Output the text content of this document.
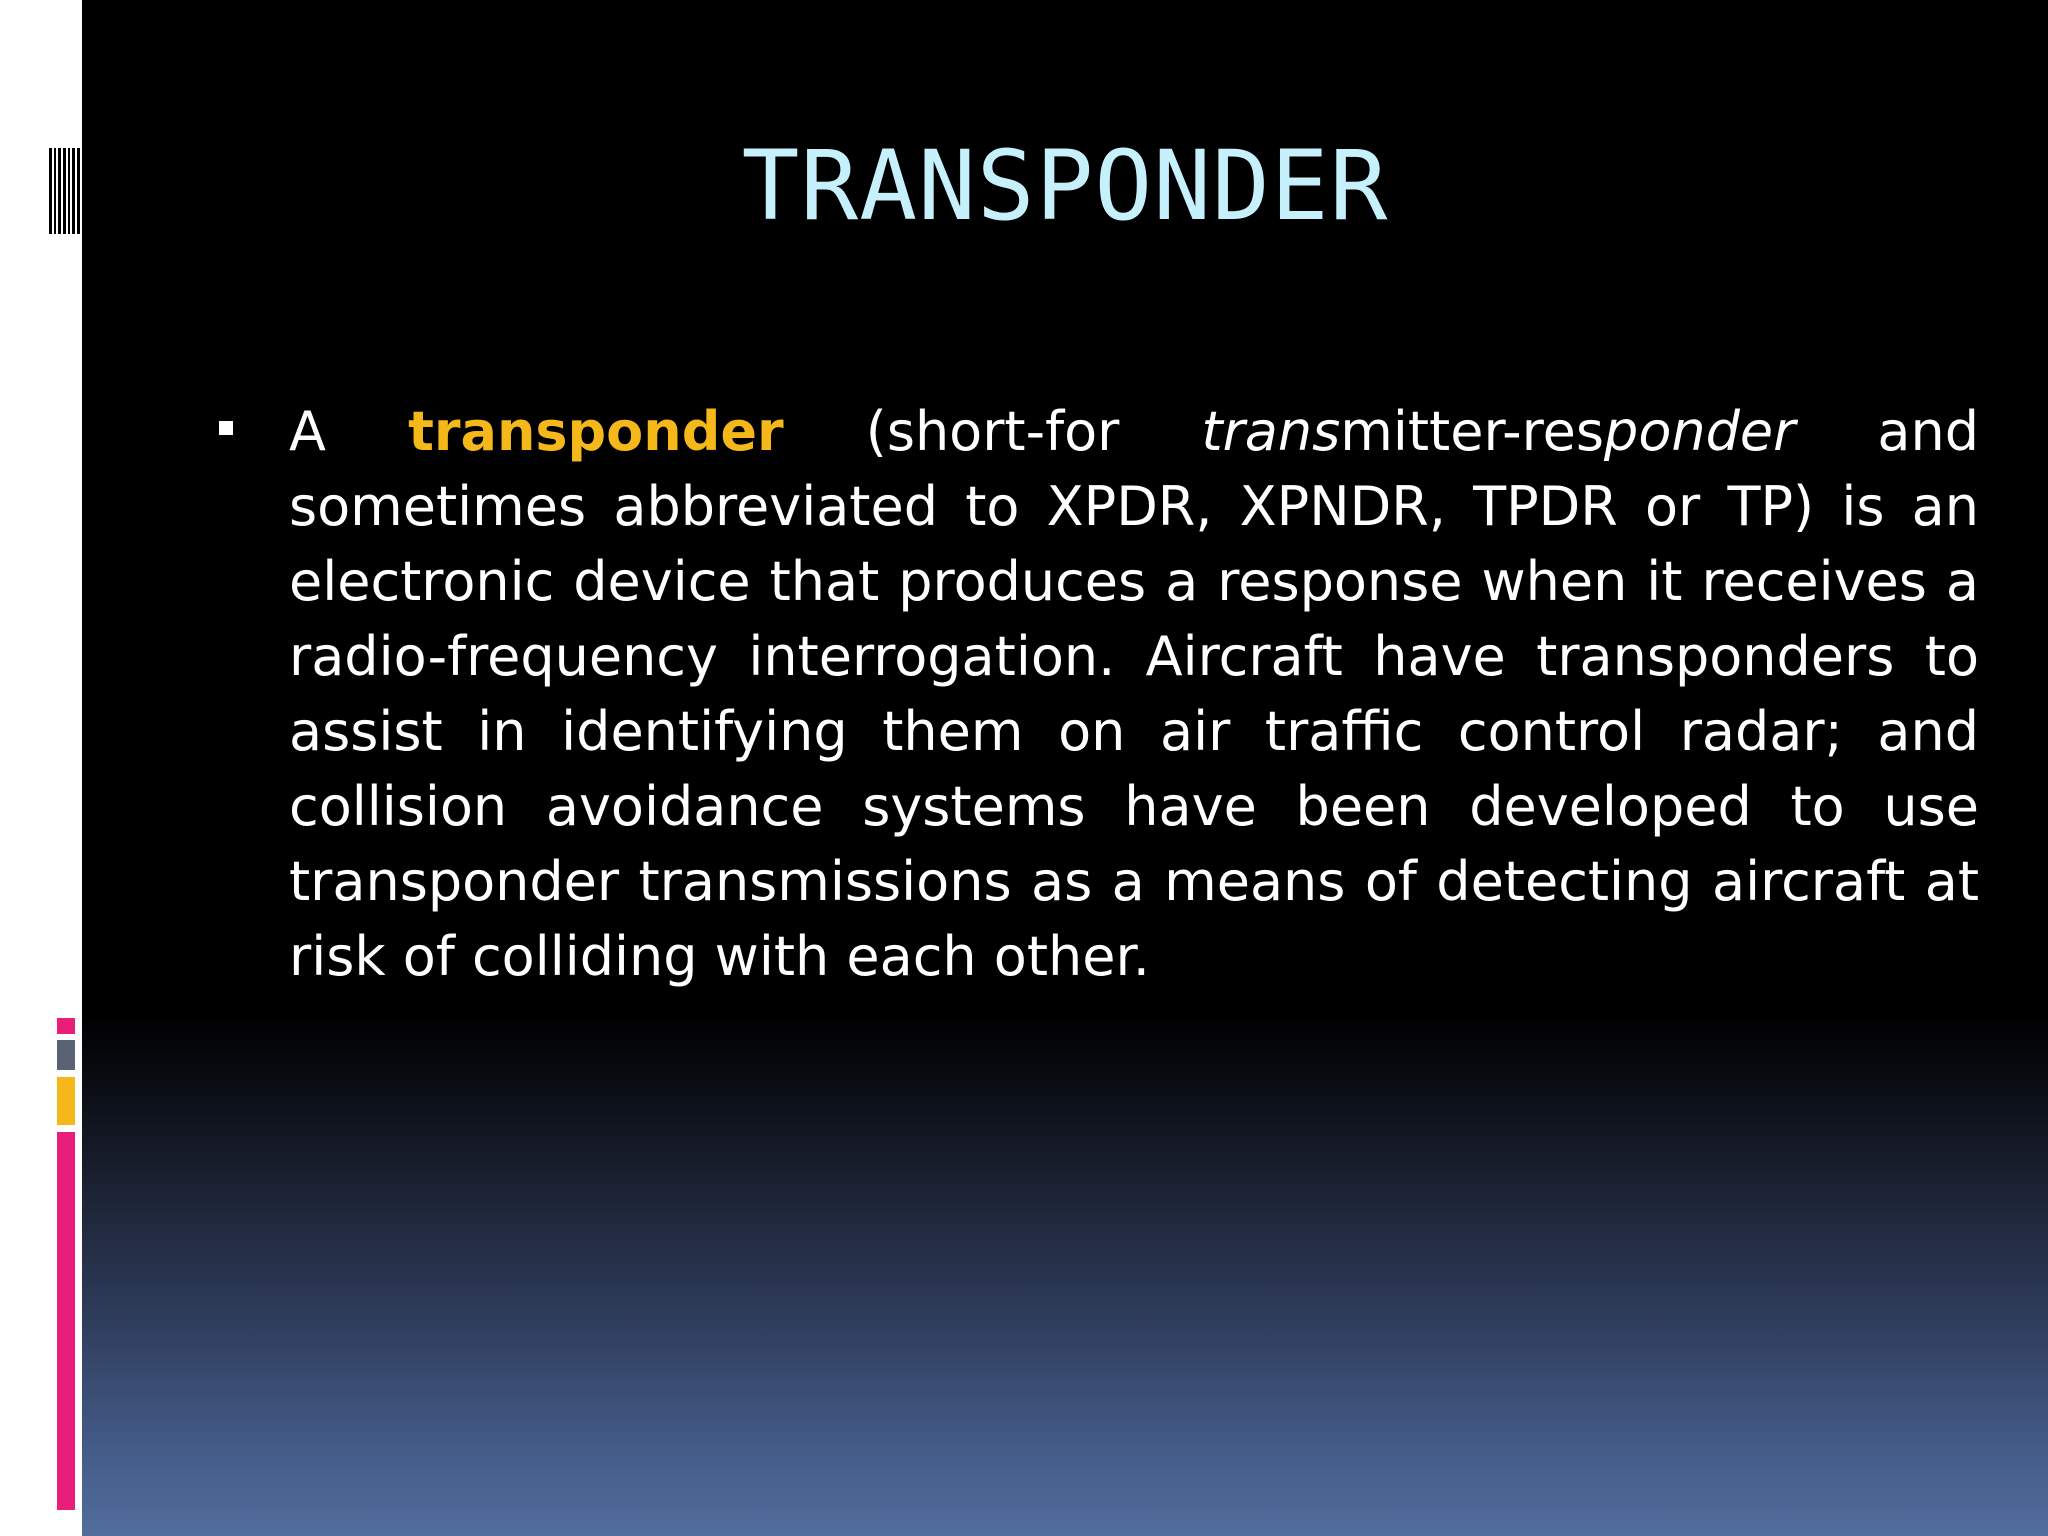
TRANSPONDER

A transponder (short-for transmitter-responder and sometimes abbreviated to XPDR, XPNDR, TPDR or TP) is an electronic device that produces a response when it receives a radio-frequency interrogation. Aircraft have transponders to assist in identifying them on air traffic control radar; and collision avoidance systems have been developed to use transponder transmissions as a means of detecting aircraft at risk of colliding with each other.
